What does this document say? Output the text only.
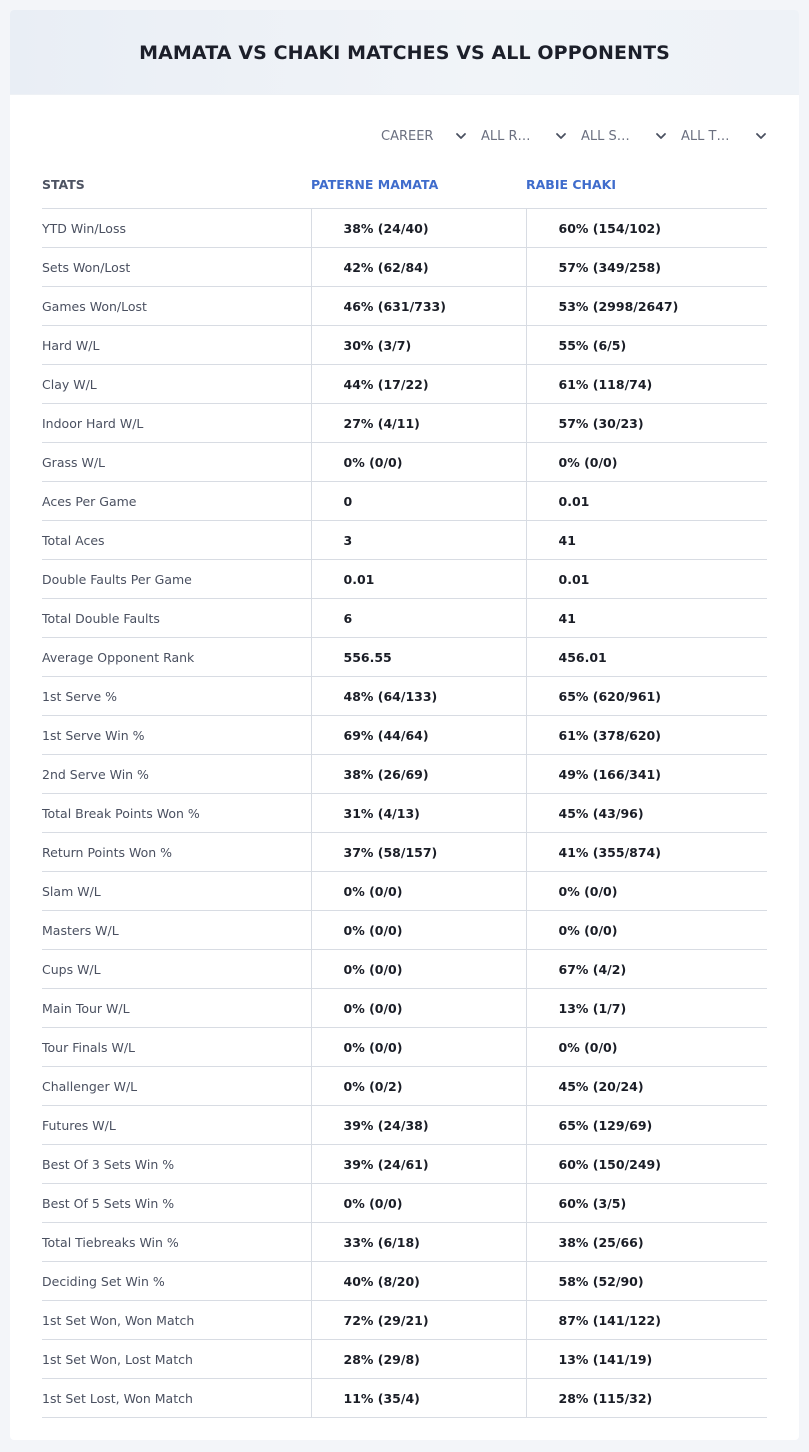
MAMATA VS CHAKI MATCHES VS ALL OPPONENTS
CAREER	ALL R…	ALL S…	ALL T…
STATS	PATERNE MAMATA	RABIE CHAKI
YTD Win/Loss	38% (24/40)	60% (154/102)
Sets Won/Lost	42% (62/84)	57% (349/258)
Games Won/Lost	46% (631/733)	53% (2998/2647)
Hard W/L	30% (3/7)	55% (6/5)
Clay W/L	44% (17/22)	61% (118/74)
Indoor Hard W/L	27% (4/11)	57% (30/23)
Grass W/L	0% (0/0)	0% (0/0)
Aces Per Game	0	0.01
Total Aces	3	41
Double Faults Per Game	0.01	0.01
Total Double Faults	6	41
Average Opponent Rank	556.55	456.01
1st Serve %	48% (64/133)	65% (620/961)
1st Serve Win %	69% (44/64)	61% (378/620)
2nd Serve Win %	38% (26/69)	49% (166/341)
Total Break Points Won %	31% (4/13)	45% (43/96)
Return Points Won %	37% (58/157)	41% (355/874)
Slam W/L	0% (0/0)	0% (0/0)
Masters W/L	0% (0/0)	0% (0/0)
Cups W/L	0% (0/0)	67% (4/2)
Main Tour W/L	0% (0/0)	13% (1/7)
Tour Finals W/L	0% (0/0)	0% (0/0)
Challenger W/L	0% (0/2)	45% (20/24)
Futures W/L	39% (24/38)	65% (129/69)
Best Of 3 Sets Win %	39% (24/61)	60% (150/249)
Best Of 5 Sets Win %	0% (0/0)	60% (3/5)
Total Tiebreaks Win %	33% (6/18)	38% (25/66)
Deciding Set Win %	40% (8/20)	58% (52/90)
1st Set Won, Won Match	72% (29/21)	87% (141/122)
1st Set Won, Lost Match	28% (29/8)	13% (141/19)
1st Set Lost, Won Match	11% (35/4)	28% (115/32)
